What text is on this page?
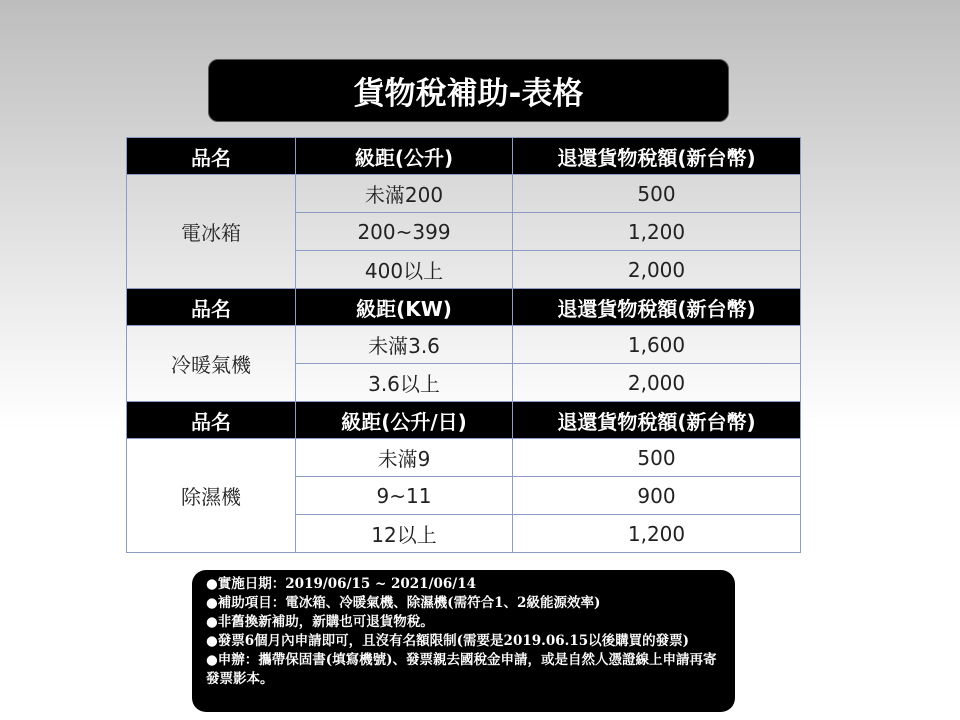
貨物稅補助-表格
品名	級距(公升)	退還貨物稅額(新台幣)
電冰箱	未滿200	500
	200~399	1,200
	400以上	2,000
品名	級距(KW)	退還貨物稅額(新台幣)
冷暖氣機	未滿3.6	1,600
	3.6以上	2,000
品名	級距(公升/日)	退還貨物稅額(新台幣)
除濕機	未滿9	500
	9~11	900
	12以上	1,200
●實施日期：2019/06/15 ~ 2021/06/14
●補助項目：電冰箱、冷暖氣機、除濕機(需符合1、2級能源效率)
●非舊換新補助，新購也可退貨物稅。
●發票6個月內申請即可，且沒有名額限制(需要是2019.06.15以後購買的發票)
●申辦：攜帶保固書(填寫機號)、發票親去國稅金申請，或是自然人憑證線上申請再寄發票影本。
